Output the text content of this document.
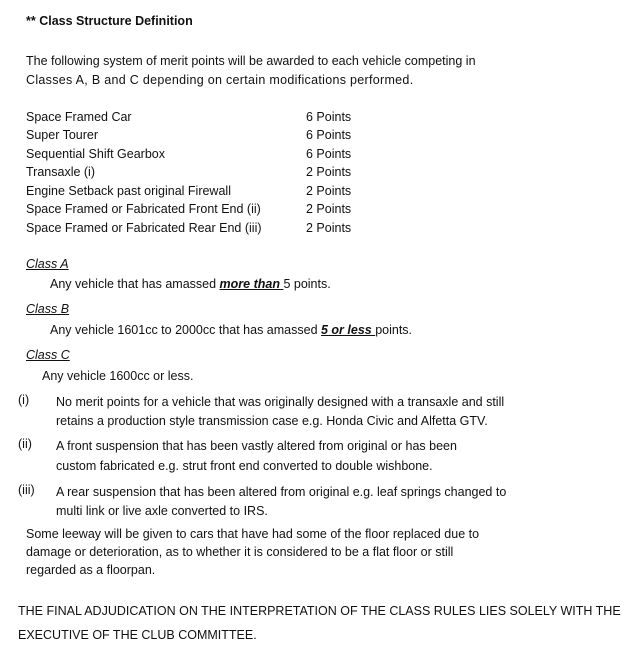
** Class Structure Definition
The following system of merit points will be awarded to each vehicle competing in
Classes A, B and C depending on certain modifications performed.
Space Framed Car	6 Points
Super Tourer	6 Points
Sequential Shift Gearbox	6 Points
Transaxle (i)	2 Points
Engine Setback past original Firewall	2 Points
Space Framed or Fabricated Front End (ii)	2 Points
Space Framed or Fabricated Rear End (iii)	2 Points
Class A
Any vehicle that has amassed more than 5 points.
Class B
Any vehicle 1601cc to 2000cc that has amassed 5 or less points.
Class C
Any vehicle 1600cc or less.
(i) No merit points for a vehicle that was originally designed with a transaxle and still
retains a production style transmission case e.g. Honda Civic and Alfetta GTV.
(ii) A front suspension that has been vastly altered from original or has been
custom fabricated e.g. strut front end converted to double wishbone.
(iii) A rear suspension that has been altered from original e.g. leaf springs changed to
multi link or live axle converted to IRS.
Some leeway will be given to cars that have had some of the floor replaced due to
damage or deterioration, as to whether it is considered to be a flat floor or still
regarded as a floorpan.
THE FINAL ADJUDICATION ON THE INTERPRETATION OF THE CLASS RULES LIES SOLELY WITH THE
EXECUTIVE OF THE CLUB COMMITTEE.
